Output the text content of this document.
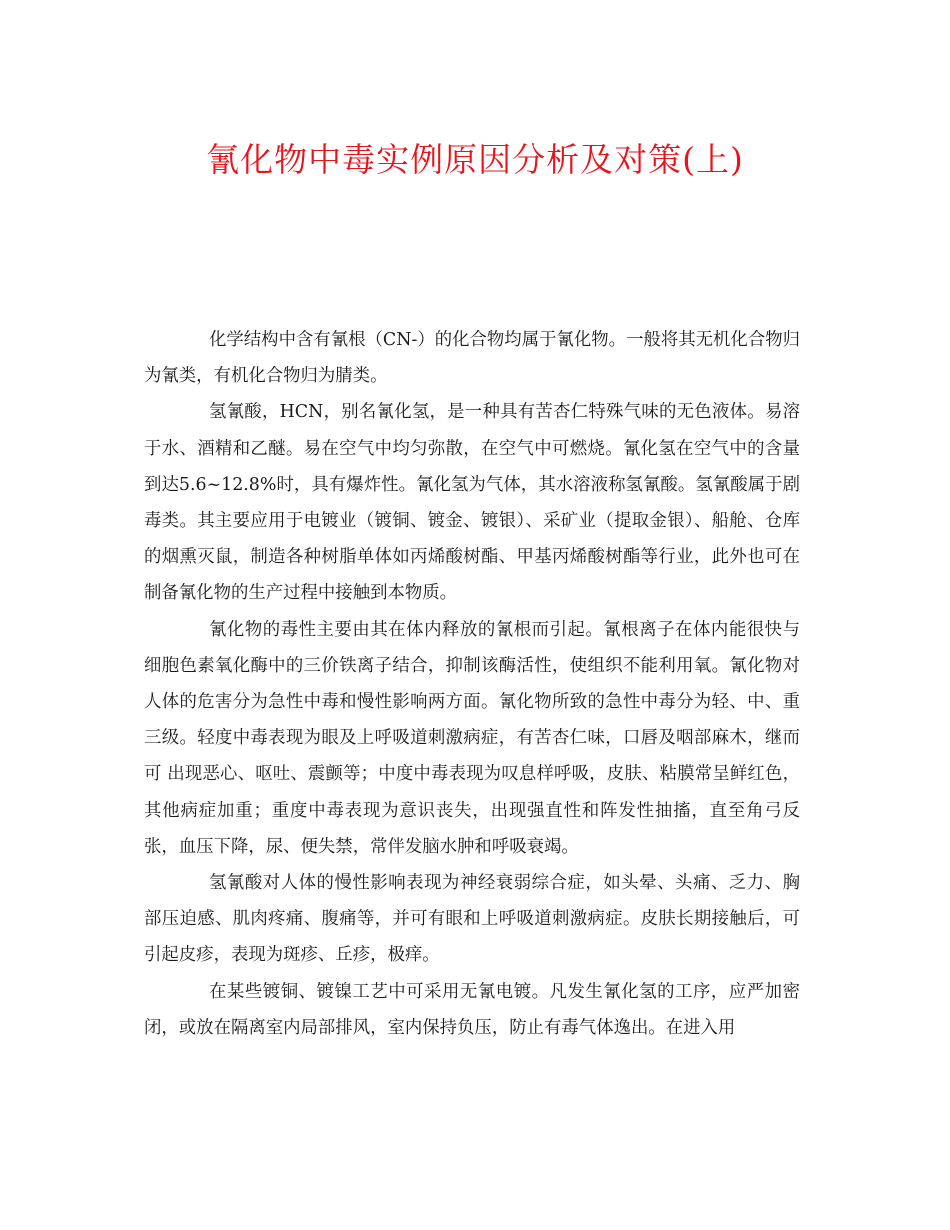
氰化物中毒实例原因分析及对策(上)

化学结构中含有氰根（CN-）的化合物均属于氰化物。一般将其无机化合物归为氰类，有机化合物归为腈类。

氢氰酸，HCN，别名氰化氢，是一种具有苦杏仁特殊气味的无色液体。易溶于水、酒精和乙醚。易在空气中均匀弥散，在空气中可燃烧。氰化氢在空气中的含量到达5.6~12.8%时，具有爆炸性。氰化氢为气体，其水溶液称氢氰酸。氢氰酸属于剧毒类。其主要应用于电镀业（镀铜、镀金、镀银）、采矿业（提取金银）、船舱、仓库的烟熏灭鼠，制造各种树脂单体如丙烯酸树酯、甲基丙烯酸树酯等行业，此外也可在制备氰化物的生产过程中接触到本物质。

氰化物的毒性主要由其在体内释放的氰根而引起。氰根离子在体内能很快与细胞色素氧化酶中的三价铁离子结合，抑制该酶活性，使组织不能利用氧。氰化物对人体的危害分为急性中毒和慢性影响两方面。氰化物所致的急性中毒分为轻、中、重三级。轻度中毒表现为眼及上呼吸道刺激病症，有苦杏仁味，口唇及咽部麻木，继而可 出现恶心、呕吐、震颤等；中度中毒表现为叹息样呼吸，皮肤、粘膜常呈鲜红色，其他病症加重；重度中毒表现为意识丧失，出现强直性和阵发性抽搐，直至角弓反张，血压下降，尿、便失禁，常伴发脑水肿和呼吸衰竭。

氢氰酸对人体的慢性影响表现为神经衰弱综合症，如头晕、头痛、乏力、胸部压迫感、肌肉疼痛、腹痛等，并可有眼和上呼吸道刺激病症。皮肤长期接触后，可引起皮疹，表现为斑疹、丘疹，极痒。

在某些镀铜、镀镍工艺中可采用无氰电镀。凡发生氰化氢的工序，应严加密闭，或放在隔离室内局部排风，室内保持负压，防止有毒气体逸出。在进入用
